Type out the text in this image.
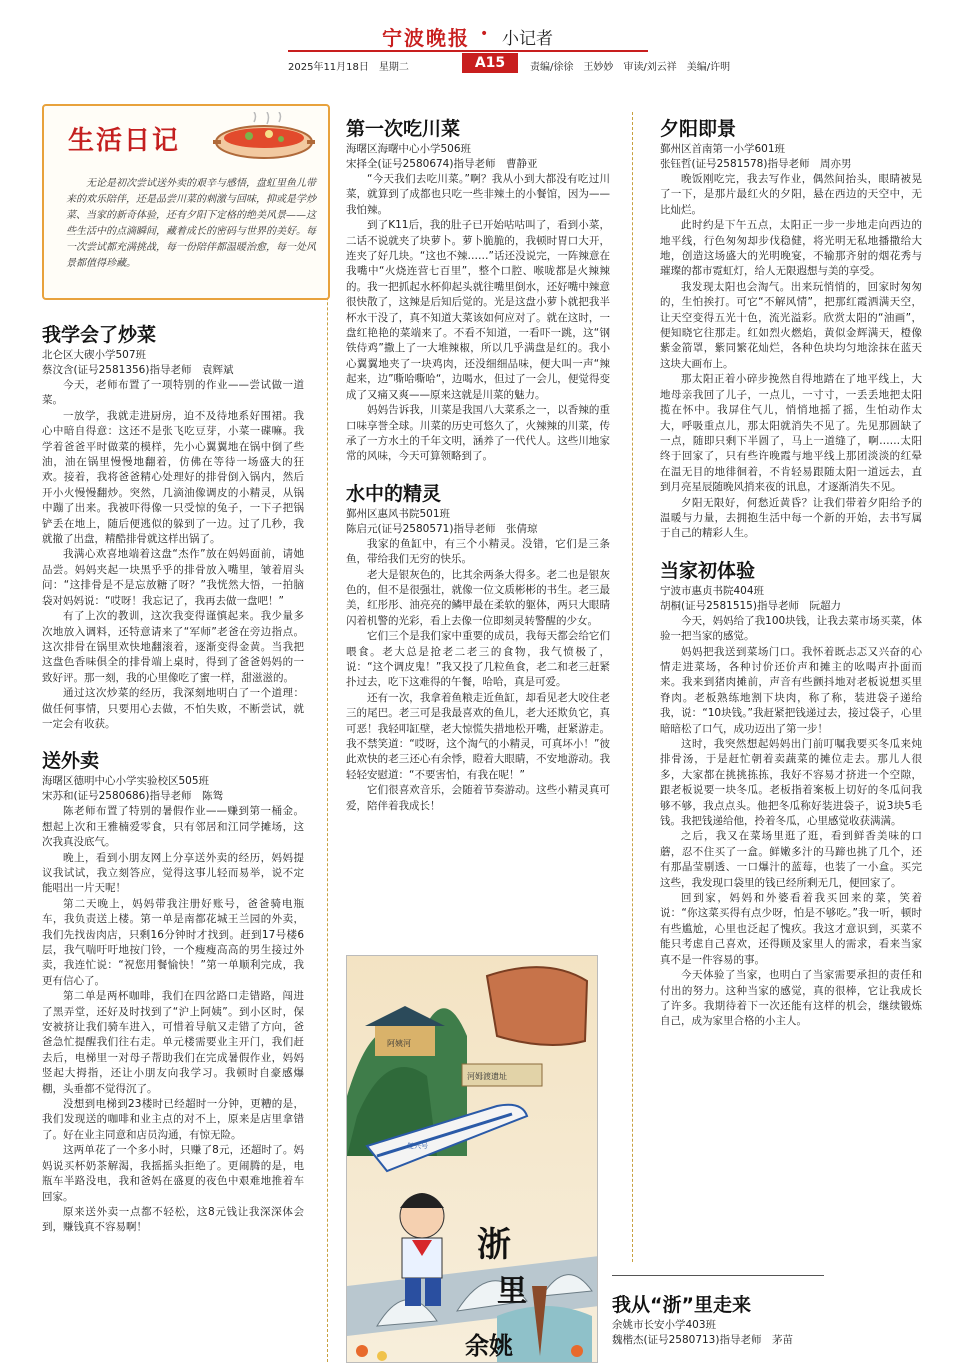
宁波晚报 • 小记者
2025年11月18日　星期二	A15	责编/徐徐　王妙妙　审读/刘云祥　美编/许明
生活日记
无论是初次尝试送外卖的艰辛与感悟，盘虹里鱼儿带来的欢乐陪伴，还是品尝川菜的刺激与回味，抑或是学炒菜、当家的新奇体验，还有夕阳下定格的绝美风景——这些生活中的点滴瞬间，藏着成长的密码与世界的美好。每一次尝试都充满挑战，每一份陪伴都温暖治愈，每一处风景都值得珍藏。
我学会了炒菜
北仑区大碶小学507班
蔡汶含(证号2581356)指导老师　袁辉斌

今天，老师布置了一项特别的作业——尝试做一道菜。

一放学，我就走进厨房，迫不及待地系好围裙。我心中暗自得意：这还不是张飞吃豆芽，小菜一碟嘛。我学着爸爸平时做菜的模样，先小心翼翼地在锅中倒了些油，油在锅里慢慢地翻着，仿佛在等待一场盛大的狂欢。接着，我将爸爸精心处理好的排骨倒入锅内，然后开小火慢慢翻炒。突然，几滴油像调皮的小精灵，从锅中蹦了出来。我被吓得像一只受惊的兔子，一下子把锅铲丢在地上，随后便逃似的躲到了一边。过了几秒，我就撤了出盘，精酷排骨就这样出锅了。

我满心欢喜地端着这盘“杰作”放在妈妈面前，请她品尝。妈妈夹起一块黑乎乎的排骨放入嘴里，皱着眉头问：“这排骨是不是忘放糖了呀？”我恍然大悟，一拍脑袋对妈妈说：“哎呀！我忘记了，我再去做一盘吧！”

有了上次的教训，这次我变得谨慎起来。我少量多次地放入调料，还特意请来了“军师”老爸在旁边指点。这次排骨在锅里欢快地翻滚着，逐渐变得金黄。当我把这盘色香味俱全的排骨端上桌时，得到了爸爸妈妈的一致好评。那一刻，我的心里像吃了蜜一样，甜滋滋的。

通过这次炒菜的经历，我深刻地明白了一个道理：做任何事情，只要用心去做，不怕失败，不断尝试，就一定会有收获。

送外卖
海曙区德明中心小学实验校区505班
宋苏和(证号2580686)指导老师　陈鸳

陈老师布置了特别的暑假作业——赚到第一桶金。想起上次和王雅楠爱零食，只有邻居和江同学摊场，这次我真没底气。

晚上，看到小朋友网上分享送外卖的经历，妈妈提议我试试，我立刻答应，觉得这事儿轻而易举，说不定能唱出一片天呢！

第二天晚上，妈妈带我注册好账号，爸爸骑电瓶车，我负责送上楼。第一单是南都花城王兰园的外卖，我们先找齿肉店，只剩16分钟时才找到。赶到17号楼6层，我气喘吁吁地按门铃，一个瘦瘦高高的男生接过外卖，我连忙说：“祝您用餐愉快！”第一单顺利完成，我更有信心了。

第二单是两杯咖啡，我们在四岔路口走错路，闯进了黑弄堂，还好及时找到了“沪上阿姨”。到小区时，保安被挤让我们骑车进入，可惜着导航又走错了方向，爸爸急忙提醒我们往右走。单元楼需要业主开门，我们赶去后，电梯里一对母子帮助我们在完成暑假作业，妈妈竖起大拇指，还让小朋友向我学习。我顿时自豪感爆棚，头垂都不觉得沉了。

没想到电梯到23楼时已经超时一分钟，更糟的是，我们发现送的咖啡和业主点的对不上，原来是店里拿错了。好在业主同意和店员沟通，有惊无险。

这两单花了一个多小时，只赚了8元，还超时了。妈妈说买杯奶茶解渴，我摇摇头拒绝了。更闹腾的是，电瓶车半路没电，我和爸妈在盛夏的夜色中艰难地推着车回家。

原来送外卖一点都不轻松，这8元钱让我深深体会到，赚钱真不容易啊！

第一次吃川菜
海曙区海曙中心小学506班
宋择全(证号2580674)指导老师　曹静亚

“今天我们去吃川菜。”啊？我从小到大都没有吃过川菜，就算到了成都也只吃一些非辣土的小餐馆，因为——我怕辣。

到了K11后，我的肚子已开始咕咕叫了，看到小菜，二话不说就夹了块萝卜。萝卜脆脆的，我顿时胃口大开，连夹了好几块。“这也不辣……”话还没说完，一阵辣意在我嘴中“火烧连营七百里”，整个口腔、喉咙都是火辣辣的。我一把抓起水杯仰起头就往嘴里倒水，还好嘴中辣意很快散了，这辣是后知后觉的。光是这盘小萝卜就把我半杯水干没了，真不知道大菜该如何应对了。就在这时，一盘红艳艳的菜端来了。不看不知道，一看吓一跳，这“钢铁侍鸡”撒上了一大堆辣椒，所以几乎满盘是红的。我小心翼翼地夹了一块鸡肉，还没细细品味，便大叫一声“辣起来，边”嘶哈嘶哈“，边喝水，但过了一会儿，便觉得变成了又痛又爽——原来这就是川菜的魅力。

妈妈告诉我，川菜是我国八大菜系之一，以香辣的重口味享誉全球。川菜的历史可悠久了，火辣辣的川菜，传承了一方水土的千年文明，涵养了一代代人。这些川地家常的风味，今天可算领略到了。

水中的精灵
鄞州区惠风书院501班
陈启元(证号2580571)指导老师　张倩琼

我家的鱼缸中，有三个小精灵。没错，它们是三条鱼，带给我们无穷的快乐。

老大是银灰色的，比其余两条大得多。老二也是银灰色的，但不是很强壮，就像一位文质彬彬的书生。老三最美，红彤彤、油亮亮的鳞甲最在柔软的躯体，两只大眼睛闪着机警的光彩，看上去像一位即刻灵转警醒的少女。

它们三个是我们家中重要的成员，我每天都会给它们喂食。老大总是抢老二老三的食物，我气愤极了，说：“这个调皮鬼！”我又投了几粒鱼食，老二和老三赶紧扑过去，吃下这难得的午餐，哈哈，真是可爱。

还有一次，我拿着鱼粮走近鱼缸，却看见老大咬住老三的尾巴。老三可是我最喜欢的鱼儿，老大还欺负它，真可恶！我轻叩缸壁，老大惊慌失措地松开嘴，赶紧游走。我不禁笑道：“哎呀，这个淘气的小精灵，可真坏小！”彼此欢快的老三还心有余悸，瞪着大眼睛，不安地游动。我轻轻安慰道：“不要害怕，有我在呢！”

它们很喜欢音乐，会随着节奏游动。这些小精灵真可爱，陪伴着我成长！

阿姨河
河姆渡遗址
复兴号
浙
里
余姚
夕阳即景
鄞州区首南第一小学601班
张钰哲(证号2581578)指导老师　周亦男

晚饭刚吃完，我去写作业，偶然间抬头，眼睛被晃了一下，是那片最红火的夕阳，悬在西边的天空中，无比灿烂。

此时约是下午五点，太阳正一步一步地走向西边的地平线，行色匆匆却步伐稳健，将光明无私地播撒给大地，创造这场盛大的光明晚宴，不输那齐射的烟花秀与璀璨的都市霓虹灯，给人无限遐想与美的享受。

我发现太阳也会淘气。出来玩悄悄的，回家时匆匆的，生怕挨打。可它“不解风情”，把那红霞洒满天空，让天空变得五光十色，流光溢彩。欣赏太阳的“油画”，便知晓它往那走。红如烈火燃焰，黄似金辉满天，橙像紫金箭罩，紫同繁花灿烂，各种色块均匀地涂抹在蓝天这块大画布上。

那太阳正着小碎步挽然自得地踏在了地平线上，大地母亲我回了儿子，一点儿，一寸寸，一丢丢地把太阳揽在怀中。我屏住气儿，悄悄地摇了摇，生怕动作太大，呼吸重点儿，那太阳就消失不见了。先见那圆缺了一点，随即只剩下半圆了，马上一道缝了，啊……太阳终于回家了，只有些许晚霞与地平线上那团淡淡的红晕在温无目的地徘徊着，不肯轻易跟随太阳一道远去，直到月亮星辰随晚风捎来夜的讯息，才逐渐消失不见。

夕阳无限好，何愁近黄昏？让我们带着夕阳给予的温暖与力量，去拥抱生活中每一个新的开始，去书写属于自己的精彩人生。

当家初体验
宁波市惠贞书院404班
胡桐(证号2581515)指导老师　阮超力

今天，妈妈给了我100块钱，让我去菜市场买菜，体验一把当家的感觉。

妈妈把我送到菜场门口。我怀着既忐忑又兴奋的心情走进菜场，各种讨价还价声和摊主的吆喝声扑面而来。我来到猪肉摊前，声音有些颤抖地对老板说想买里脊肉。老板熟练地割下块肉，称了称，装进袋子递给我，说：“10块钱。”我赶紧把钱递过去，接过袋子，心里暗暗松了口气，成功迈出了第一步！

这时，我突然想起妈妈出门前叮嘱我要买冬瓜来炖排骨汤，于是赶忙朝着卖蔬菜的摊位走去。那儿人很多，大家都在挑挑拣拣，我好不容易才挤进一个空隙，跟老板说要一块冬瓜。老板指着案板上切好的冬瓜问我够不够，我点点头。他把冬瓜称好装进袋子，说3块5毛钱。我把钱递给他，拎着冬瓜，心里感觉收获满满。

之后，我又在菜场里逛了逛，看到鲜香美味的口蘑，忍不住买了一盒。鲜嫩多汁的马蹄也挑了几个，还有那晶莹剔透、一口爆汁的蓝莓，也装了一小盒。买完这些，我发现口袋里的钱已经所剩无几，便回家了。

回到家，妈妈和外婆看着我买回来的菜，笑着说：“你这菜买得有点少呀，怕是不够吃。”我一听，顿时有些尴尬，心里也泛起了愧疚。我这才意识到，买菜不能只考虑自己喜欢，还得顾及家里人的需求，看来当家真不是一件容易的事。

今天体验了当家，也明白了当家需要承担的责任和付出的努力。这种当家的感觉，真的很棒，它让我成长了许多。我期待着下一次还能有这样的机会，继续锻炼自己，成为家里合格的小主人。

我从“浙”里走来
余姚市长安小学403班
魏楷杰(证号2580713)指导老师　茅苗
